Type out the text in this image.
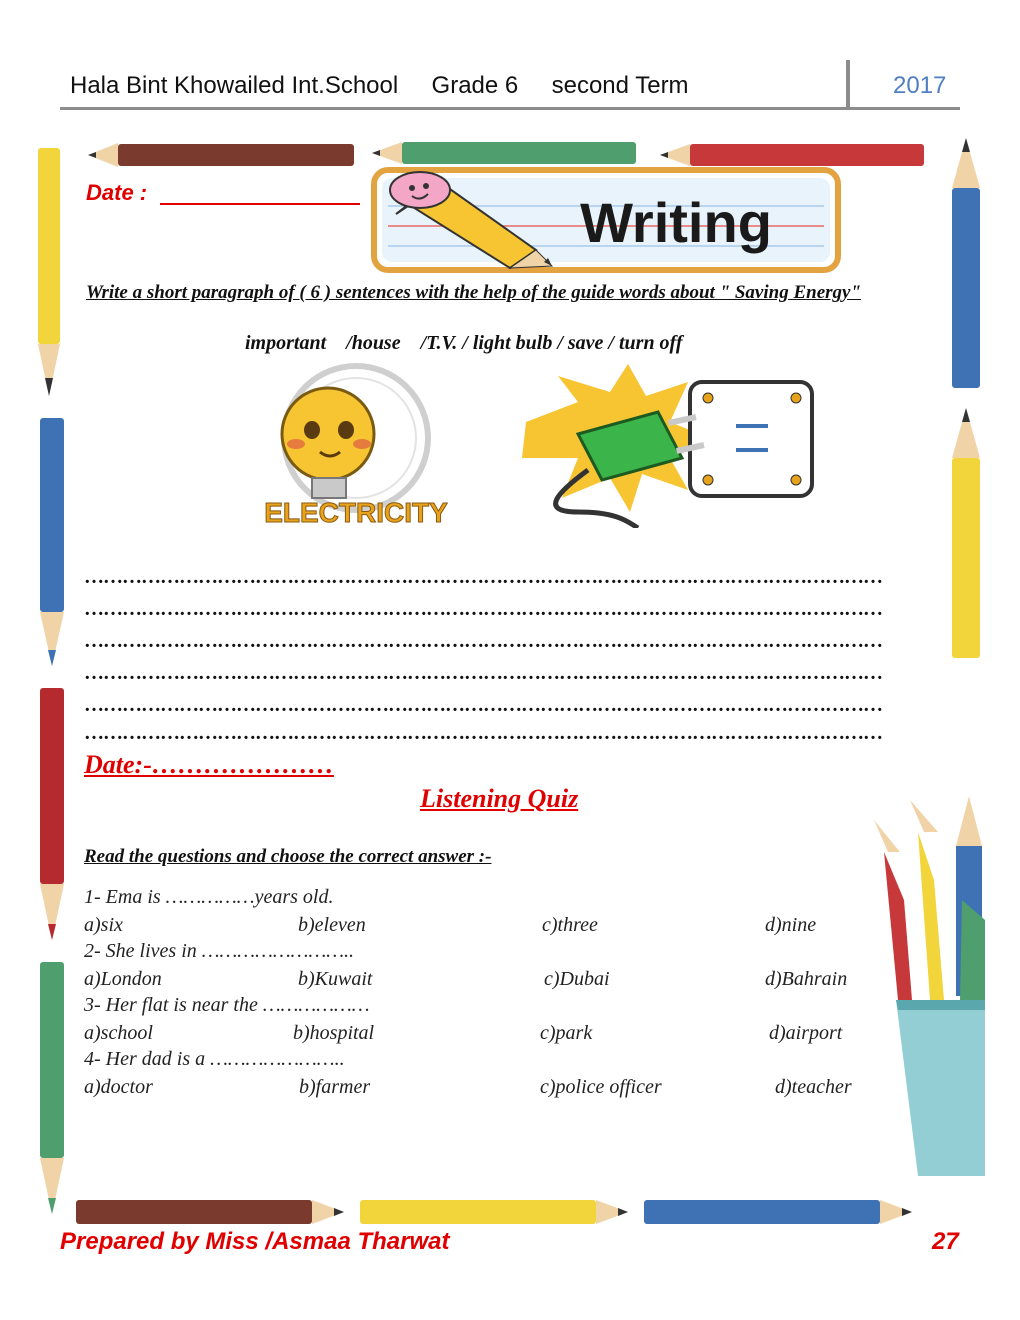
Hala Bint Khowailed Int.School     Grade 6     second Term	2017
Date :	Writing
Write a short paragraph of ( 6 ) sentences with the help of the guide words about " Saving Energy"
important    /house    /T.V. / light bulb / save / turn off
ELECTRICITY
………………………………………………………………………………………………………………
………………………………………………………………………………………………………………
………………………………………………………………………………………………………………
………………………………………………………………………………………………………………
………………………………………………………………………………………………………………
………………………………………………………………………………………………………………
Date:-…………………
Listening Quiz
Read the questions and choose the correct answer :-
1- Ema is ……………years old.
a)six	b)eleven	c)three	d)nine
2- She lives in ……………………..
a)London	b)Kuwait	c)Dubai	d)Bahrain
3- Her flat is near the ………………
a)school	b)hospital	c)park	d)airport
4- Her dad is a …………………..
a)doctor	b)farmer	c)police officer	d)teacher
Prepared by Miss /Asmaa Tharwat	27
